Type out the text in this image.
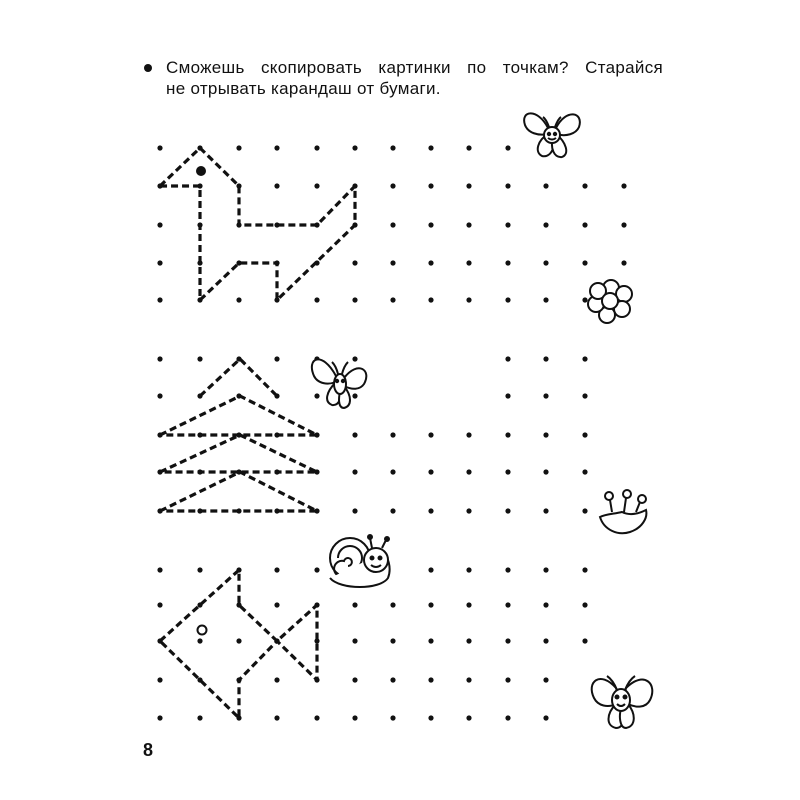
Сможешь скопировать картинки по точкам? Старайся
не отрывать карандаш от бумаги.
8
